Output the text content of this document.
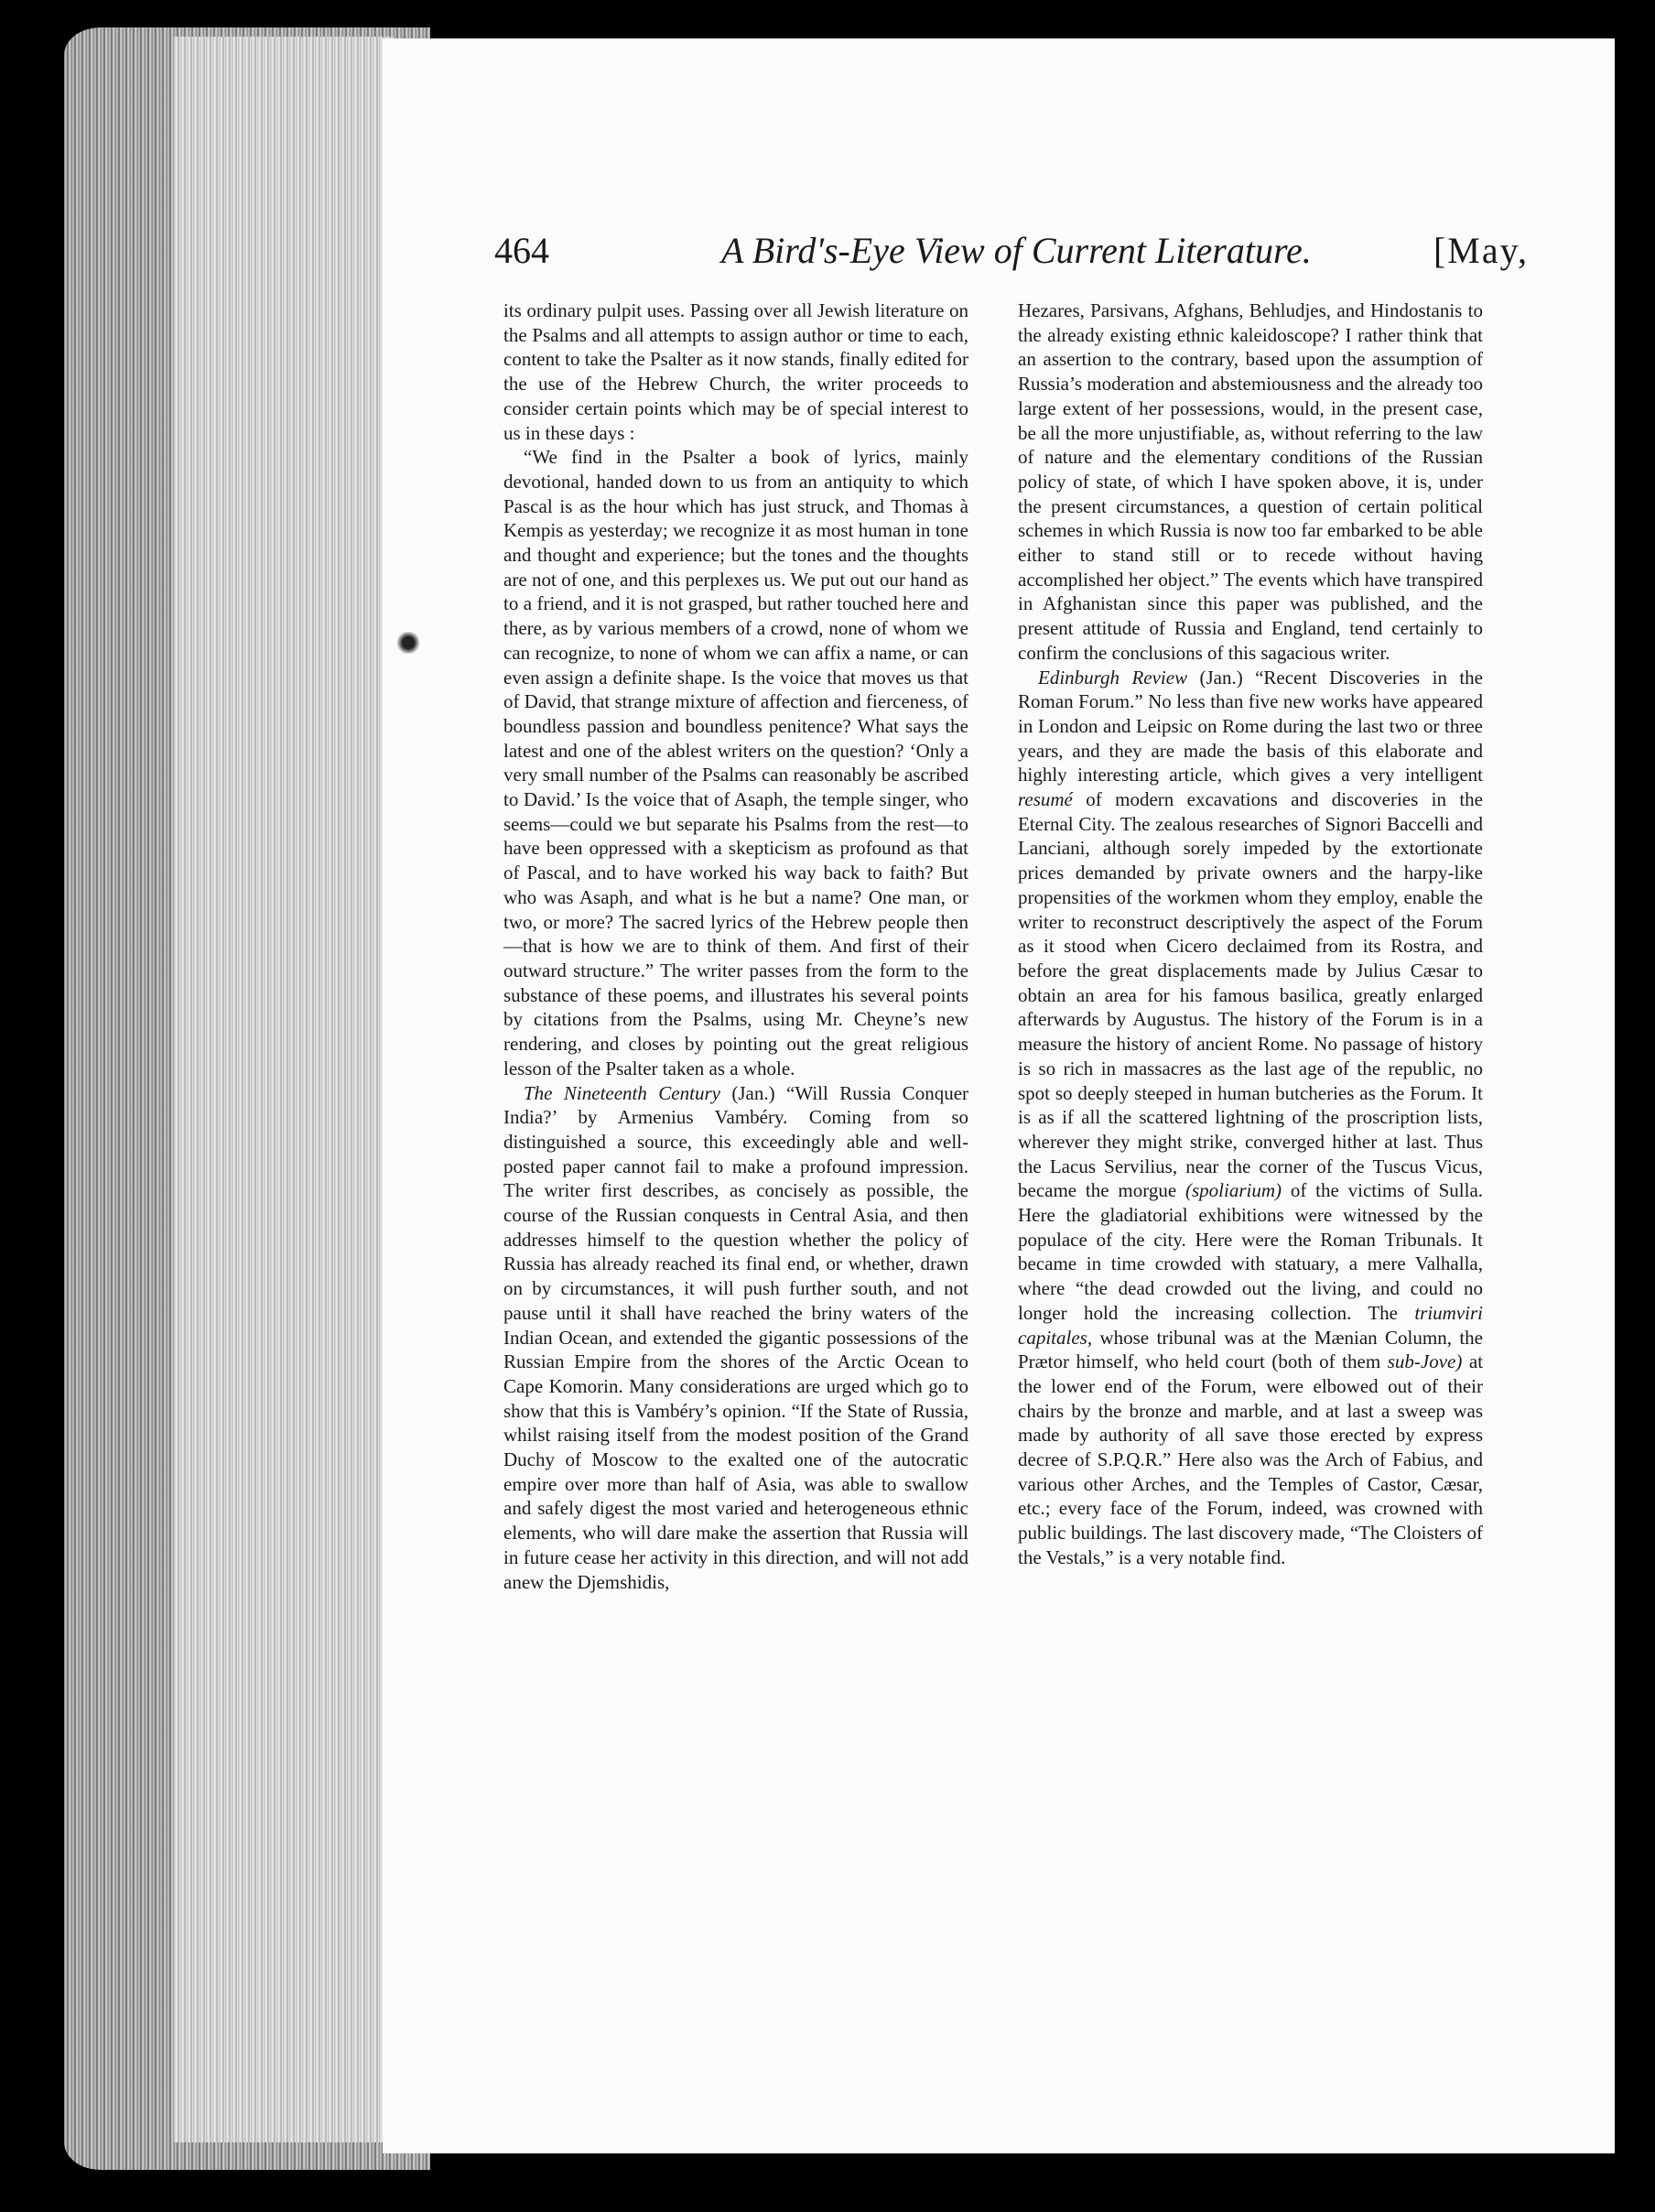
464	A Bird's-Eye View of Current Literature.	[May,

its ordinary pulpit uses. Passing over all Jewish literature on the Psalms and all attempts to assign author or time to each, content to take the Psalter as it now stands, finally edited for the use of the Hebrew Church, the writer proceeds to consider certain points which may be of special interest to us in these days :

“We find in the Psalter a book of lyrics, mainly devotional, handed down to us from an antiquity to which Pascal is as the hour which has just struck, and Thomas à Kempis as yesterday; we recognize it as most human in tone and thought and experience; but the tones and the thoughts are not of one, and this perplexes us. We put out our hand as to a friend, and it is not grasped, but rather touched here and there, as by various members of a crowd, none of whom we can recognize, to none of whom we can affix a name, or can even assign a definite shape. Is the voice that moves us that of David, that strange mixture of affection and fierceness, of boundless passion and boundless penitence? What says the latest and one of the ablest writers on the question? ‘Only a very small number of the Psalms can reasonably be ascribed to David.’ Is the voice that of Asaph, the temple singer, who seems—could we but separate his Psalms from the rest—to have been oppressed with a skepticism as profound as that of Pascal, and to have worked his way back to faith? But who was Asaph, and what is he but a name? One man, or two, or more? The sacred lyrics of the Hebrew people then—that is how we are to think of them. And first of their outward structure.” The writer passes from the form to the substance of these poems, and illustrates his several points by citations from the Psalms, using Mr. Cheyne’s new rendering, and closes by pointing out the great religious lesson of the Psalter taken as a whole.

The Nineteenth Century (Jan.) “Will Russia Conquer India?’ by Armenius Vambéry. Coming from so distinguished a source, this exceedingly able and well-posted paper cannot fail to make a profound impression. The writer first describes, as concisely as possible, the course of the Russian conquests in Central Asia, and then addresses himself to the question whether the policy of Russia has already reached its final end, or whether, drawn on by circumstances, it will push further south, and not pause until it shall have reached the briny waters of the Indian Ocean, and extended the gigantic possessions of the Russian Empire from the shores of the Arctic Ocean to Cape Komorin. Many considerations are urged which go to show that this is Vambéry’s opinion. “If the State of Russia, whilst raising itself from the modest position of the Grand Duchy of Moscow to the exalted one of the autocratic empire over more than half of Asia, was able to swallow and safely digest the most varied and heterogeneous ethnic elements, who will dare make the assertion that Russia will in future cease her activity in this direction, and will not add anew the Djemshidis,

Hezares, Parsivans, Afghans, Behludjes, and Hindostanis to the already existing ethnic kaleidoscope? I rather think that an assertion to the contrary, based upon the assumption of Russia’s moderation and abstemiousness and the already too large extent of her possessions, would, in the present case, be all the more unjustifiable, as, without referring to the law of nature and the elementary conditions of the Russian policy of state, of which I have spoken above, it is, under the present circumstances, a question of certain political schemes in which Russia is now too far embarked to be able either to stand still or to recede without having accomplished her object.” The events which have transpired in Afghanistan since this paper was published, and the present attitude of Russia and England, tend certainly to confirm the conclusions of this sagacious writer.

Edinburgh Review (Jan.) “Recent Discoveries in the Roman Forum.” No less than five new works have appeared in London and Leipsic on Rome during the last two or three years, and they are made the basis of this elaborate and highly interesting article, which gives a very intelligent resumé of modern excavations and discoveries in the Eternal City. The zealous researches of Signori Baccelli and Lanciani, although sorely impeded by the extortionate prices demanded by private owners and the harpy-like propensities of the workmen whom they employ, enable the writer to reconstruct descriptively the aspect of the Forum as it stood when Cicero declaimed from its Rostra, and before the great displacements made by Julius Cæsar to obtain an area for his famous basilica, greatly enlarged afterwards by Augustus. The history of the Forum is in a measure the history of ancient Rome. No passage of history is so rich in massacres as the last age of the republic, no spot so deeply steeped in human butcheries as the Forum. It is as if all the scattered lightning of the proscription lists, wherever they might strike, converged hither at last. Thus the Lacus Servilius, near the corner of the Tuscus Vicus, became the morgue (spoliarium) of the victims of Sulla. Here the gladiatorial exhibitions were witnessed by the populace of the city. Here were the Roman Tribunals. It became in time crowded with statuary, a mere Valhalla, where “the dead crowded out the living, and could no longer hold the increasing collection. The triumviri capitales, whose tribunal was at the Mænian Column, the Prætor himself, who held court (both of them sub-Jove) at the lower end of the Forum, were elbowed out of their chairs by the bronze and marble, and at last a sweep was made by authority of all save those erected by express decree of S.P.Q.R.” Here also was the Arch of Fabius, and various other Arches, and the Temples of Castor, Cæsar, etc.; every face of the Forum, indeed, was crowned with public buildings. The last discovery made, “The Cloisters of the Vestals,” is a very notable find.
